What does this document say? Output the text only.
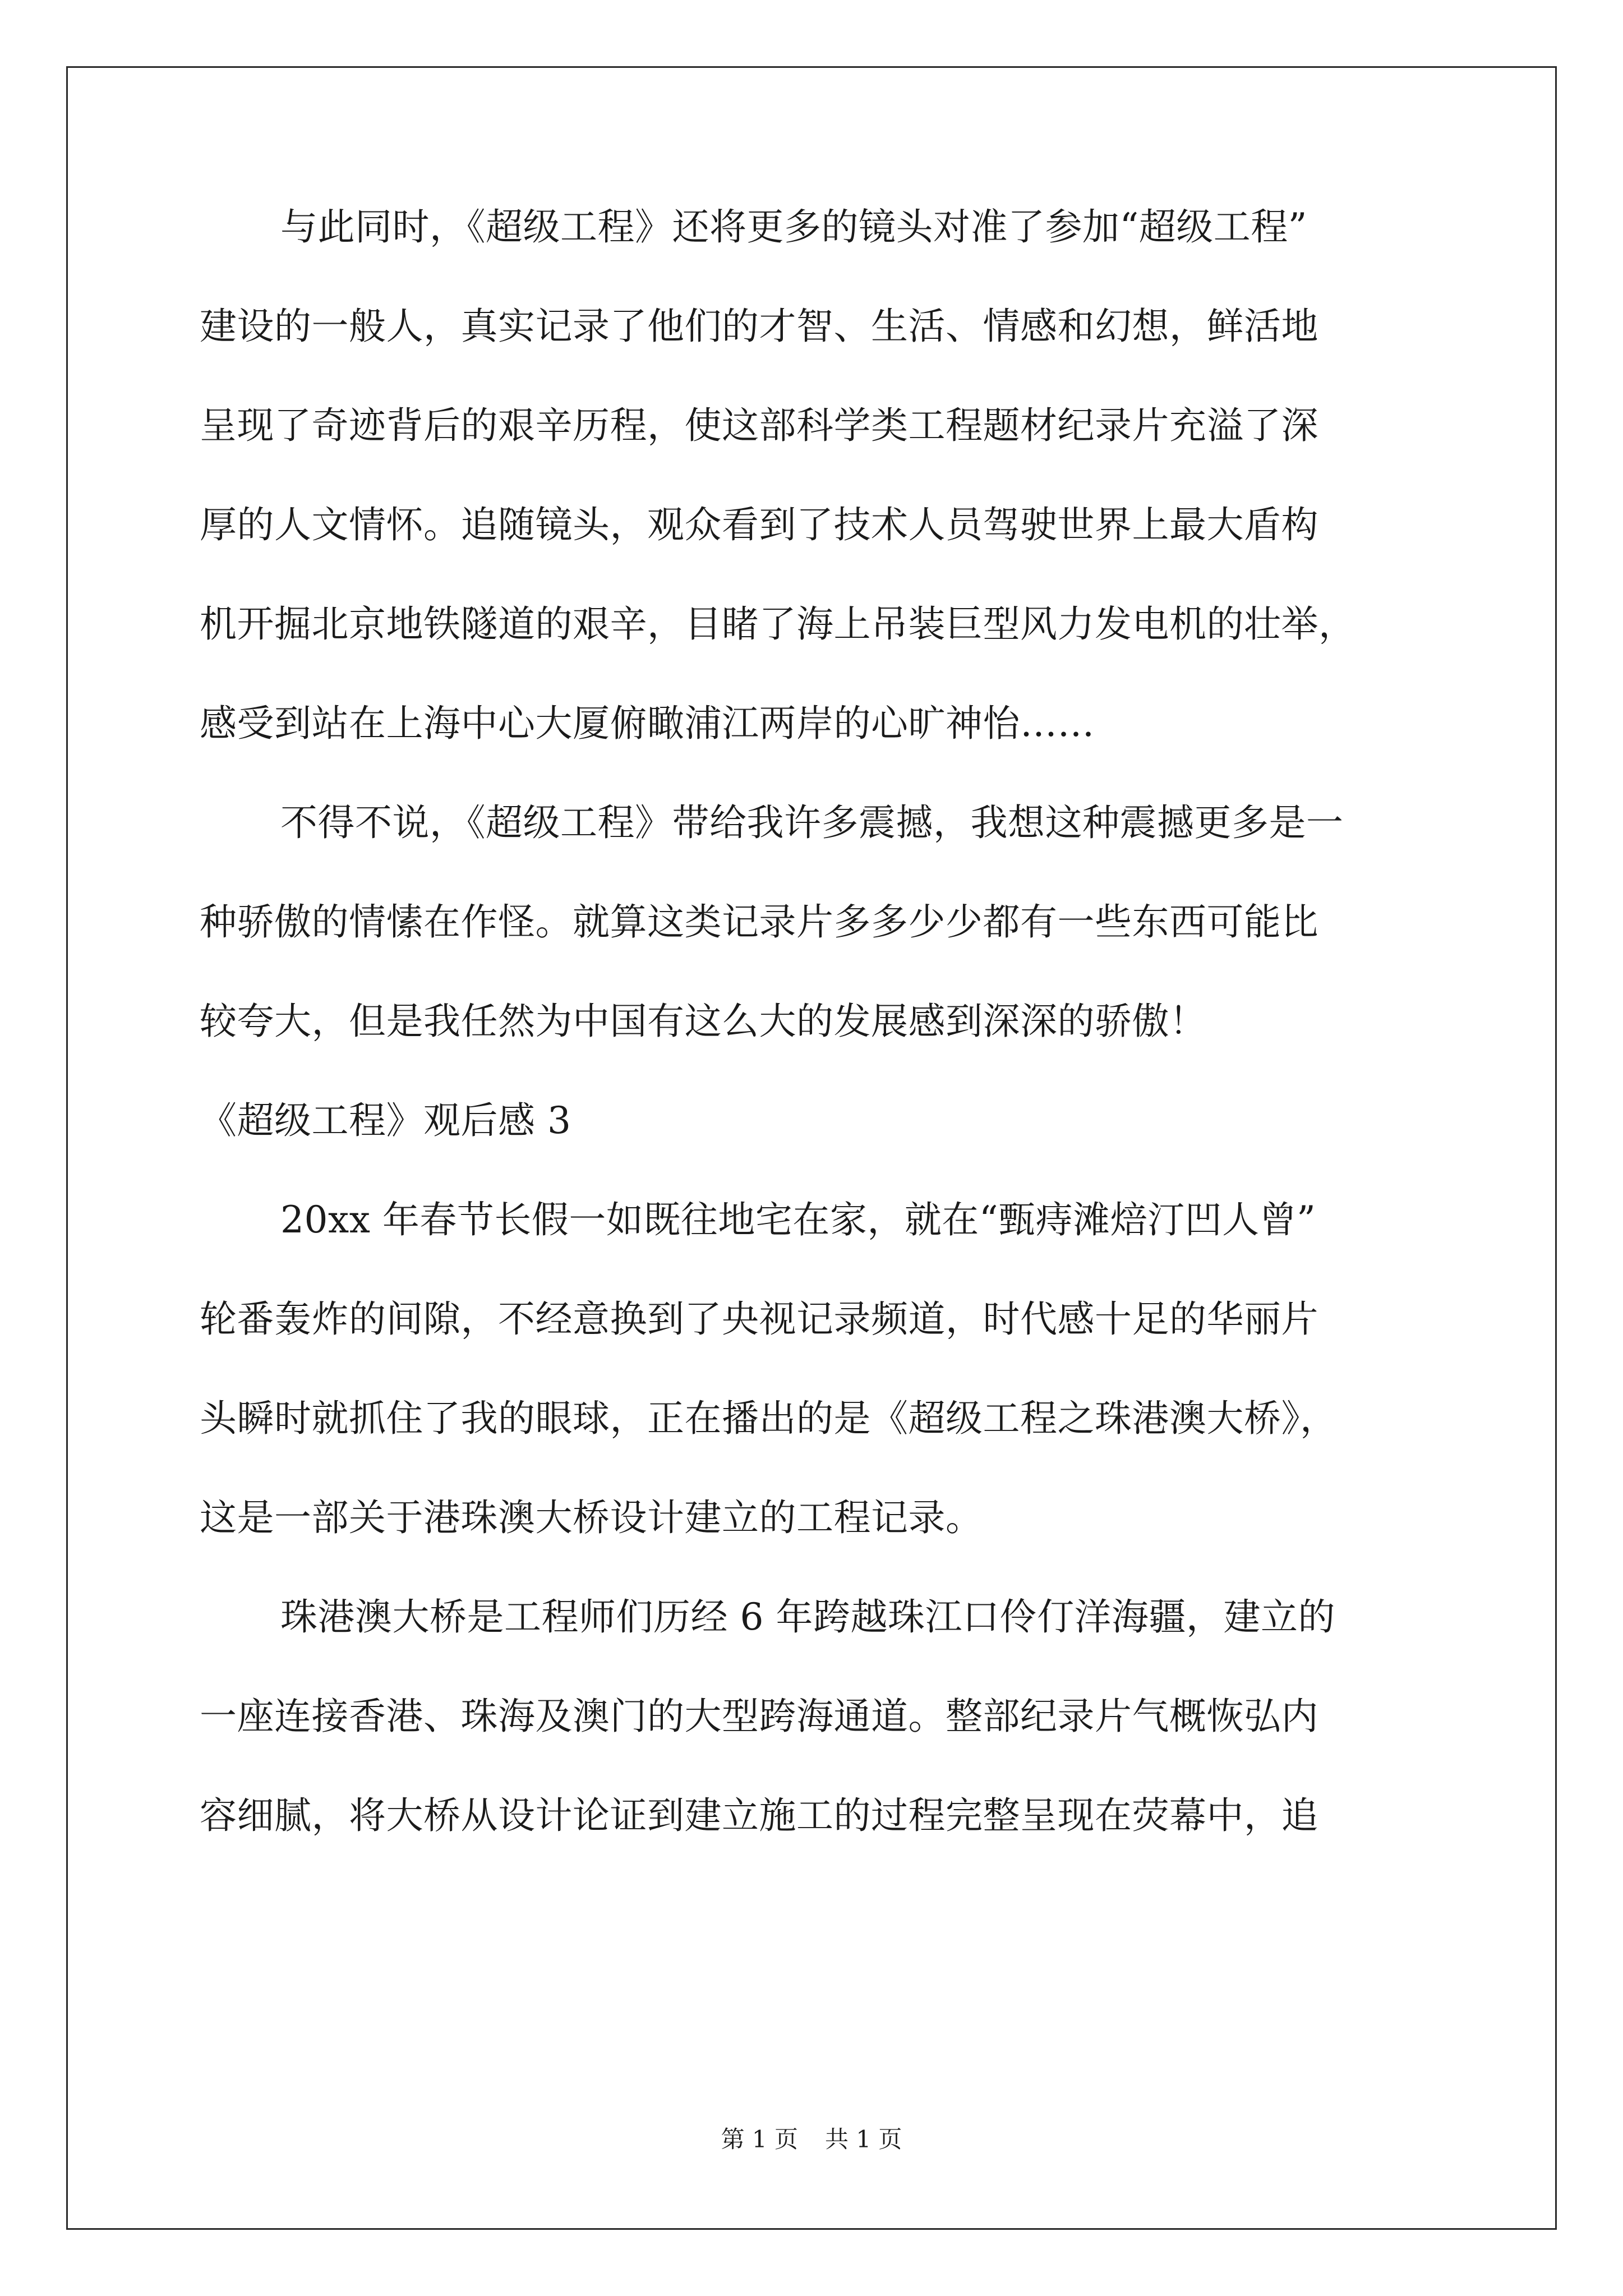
与此同时，《超级工程》还将更多的镜头对准了参加“超级工程”
建设的一般人，真实记录了他们的才智、生活、情感和幻想，鲜活地
呈现了奇迹背后的艰辛历程，使这部科学类工程题材纪录片充溢了深
厚的人文情怀。追随镜头，观众看到了技术人员驾驶世界上最大盾构
机开掘北京地铁隧道的艰辛，目睹了海上吊装巨型风力发电机的壮举，
感受到站在上海中心大厦俯瞰浦江两岸的心旷神怡……
不得不说，《超级工程》带给我许多震撼，我想这种震撼更多是一
种骄傲的情愫在作怪。就算这类记录片多多少少都有一些东西可能比
较夸大，但是我任然为中国有这么大的发展感到深深的骄傲！
《超级工程》观后感 3
20xx 年春节长假一如既往地宅在家，就在“甄痔滩焙汀凹人曾”
轮番轰炸的间隙，不经意换到了央视记录频道，时代感十足的华丽片
头瞬时就抓住了我的眼球，正在播出的是《超级工程之珠港澳大桥》，
这是一部关于港珠澳大桥设计建立的工程记录。
珠港澳大桥是工程师们历经 6 年跨越珠江口伶仃洋海疆，建立的
一座连接香港、珠海及澳门的大型跨海通道。整部纪录片气概恢弘内
容细腻，将大桥从设计论证到建立施工的过程完整呈现在荧幕中，追
第 1 页 共 1 页
